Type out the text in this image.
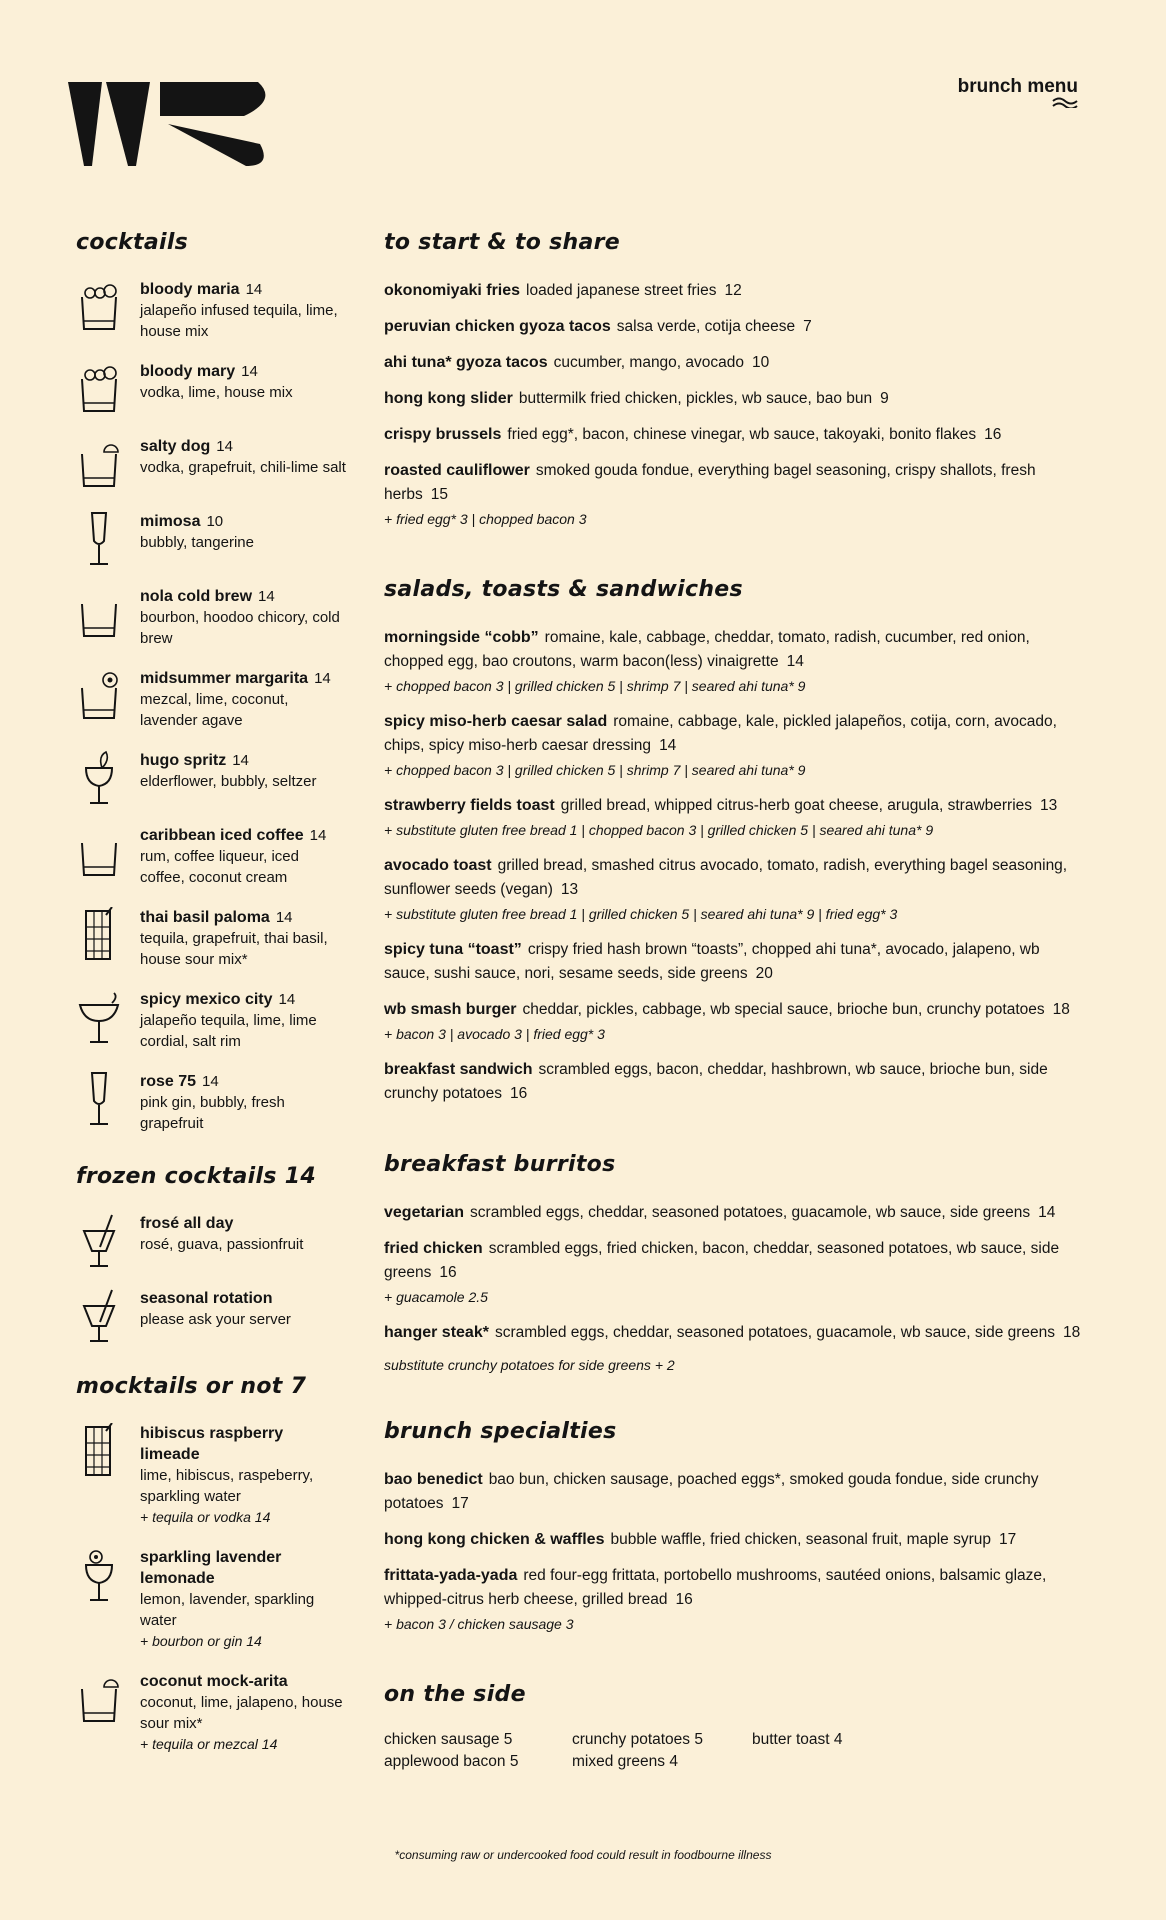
brunch menu
cocktails
bloody maria 14
jalapeño infused tequila, lime, house mix
bloody mary 14
vodka, lime, house mix
salty dog 14
vodka, grapefruit, chili-lime salt
mimosa 10
bubbly, tangerine
nola cold brew 14
bourbon, hoodoo chicory, cold brew
midsummer margarita 14
mezcal, lime, coconut, lavender agave
hugo spritz 14
elderflower, bubbly, seltzer
caribbean iced coffee 14
rum, coffee liqueur, iced coffee, coconut cream
thai basil paloma 14
tequila, grapefruit, thai basil, house sour mix*
spicy mexico city 14
jalapeño tequila, lime, lime cordial, salt rim
rose 75 14
pink gin, bubbly, fresh grapefruit
frozen cocktails 14
frosé all day
rosé, guava, passionfruit
seasonal rotation
please ask your server
mocktails or not 7
hibiscus raspberry limeade
lime, hibiscus, raspeberry, sparkling water
+ tequila or vodka 14
sparkling lavender lemonade
lemon, lavender, sparkling water
+ bourbon or gin 14
coconut mock-arita
coconut, lime, jalapeno, house sour mix*
+ tequila or mezcal 14
to start & to share
okonomiyaki fries loaded japanese street fries 12
peruvian chicken gyoza tacos salsa verde, cotija cheese 7
ahi tuna* gyoza tacos cucumber, mango, avocado 10
hong kong slider buttermilk fried chicken, pickles, wb sauce, bao bun 9
crispy brussels fried egg*, bacon, chinese vinegar, wb sauce, takoyaki, bonito flakes 16
roasted cauliflower smoked gouda fondue, everything bagel seasoning, crispy shallots, fresh herbs 15
+ fried egg* 3 | chopped bacon 3
salads, toasts & sandwiches
morningside “cobb” romaine, kale, cabbage, cheddar, tomato, radish, cucumber, red onion, chopped egg, bao croutons, warm bacon(less) vinaigrette 14
+ chopped bacon 3 | grilled chicken 5 | shrimp 7 | seared ahi tuna* 9
spicy miso-herb caesar salad romaine, cabbage, kale, pickled jalapeños, cotija, corn, avocado, chips, spicy miso-herb caesar dressing 14
+ chopped bacon 3 | grilled chicken 5 | shrimp 7 | seared ahi tuna* 9
strawberry fields toast grilled bread, whipped citrus-herb goat cheese, arugula, strawberries 13
+ substitute gluten free bread 1 | chopped bacon 3 | grilled chicken 5 | seared ahi tuna* 9
avocado toast grilled bread, smashed citrus avocado, tomato, radish, everything bagel seasoning, sunflower seeds (vegan) 13
+ substitute gluten free bread 1 | grilled chicken 5 | seared ahi tuna* 9 | fried egg* 3
spicy tuna “toast” crispy fried hash brown “toasts”, chopped ahi tuna*, avocado, jalapeno, wb sauce, sushi sauce, nori, sesame seeds, side greens 20
wb smash burger cheddar, pickles, cabbage, wb special sauce, brioche bun, crunchy potatoes 18
+ bacon 3 | avocado 3 | fried egg* 3
breakfast sandwich scrambled eggs, bacon, cheddar, hashbrown, wb sauce, brioche bun, side crunchy potatoes 16
breakfast burritos
vegetarian scrambled eggs, cheddar, seasoned potatoes, guacamole, wb sauce, side greens 14
fried chicken scrambled eggs, fried chicken, bacon, cheddar, seasoned potatoes, wb sauce, side greens 16
+ guacamole 2.5
hanger steak* scrambled eggs, cheddar, seasoned potatoes, guacamole, wb sauce, side greens 18
substitute crunchy potatoes for side greens + 2
brunch specialties
bao benedict bao bun, chicken sausage, poached eggs*, smoked gouda fondue, side crunchy potatoes 17
hong kong chicken & waffles bubble waffle, fried chicken, seasonal fruit, maple syrup 17
frittata-yada-yada red four-egg frittata, portobello mushrooms, sautéed onions, balsamic glaze, whipped-citrus herb cheese, grilled bread 16
+ bacon 3 / chicken sausage 3
on the side
chicken sausage 5	crunchy potatoes 5	butter toast 4
applewood bacon 5	mixed greens 4
*consuming raw or undercooked food could result in foodbourne illness
